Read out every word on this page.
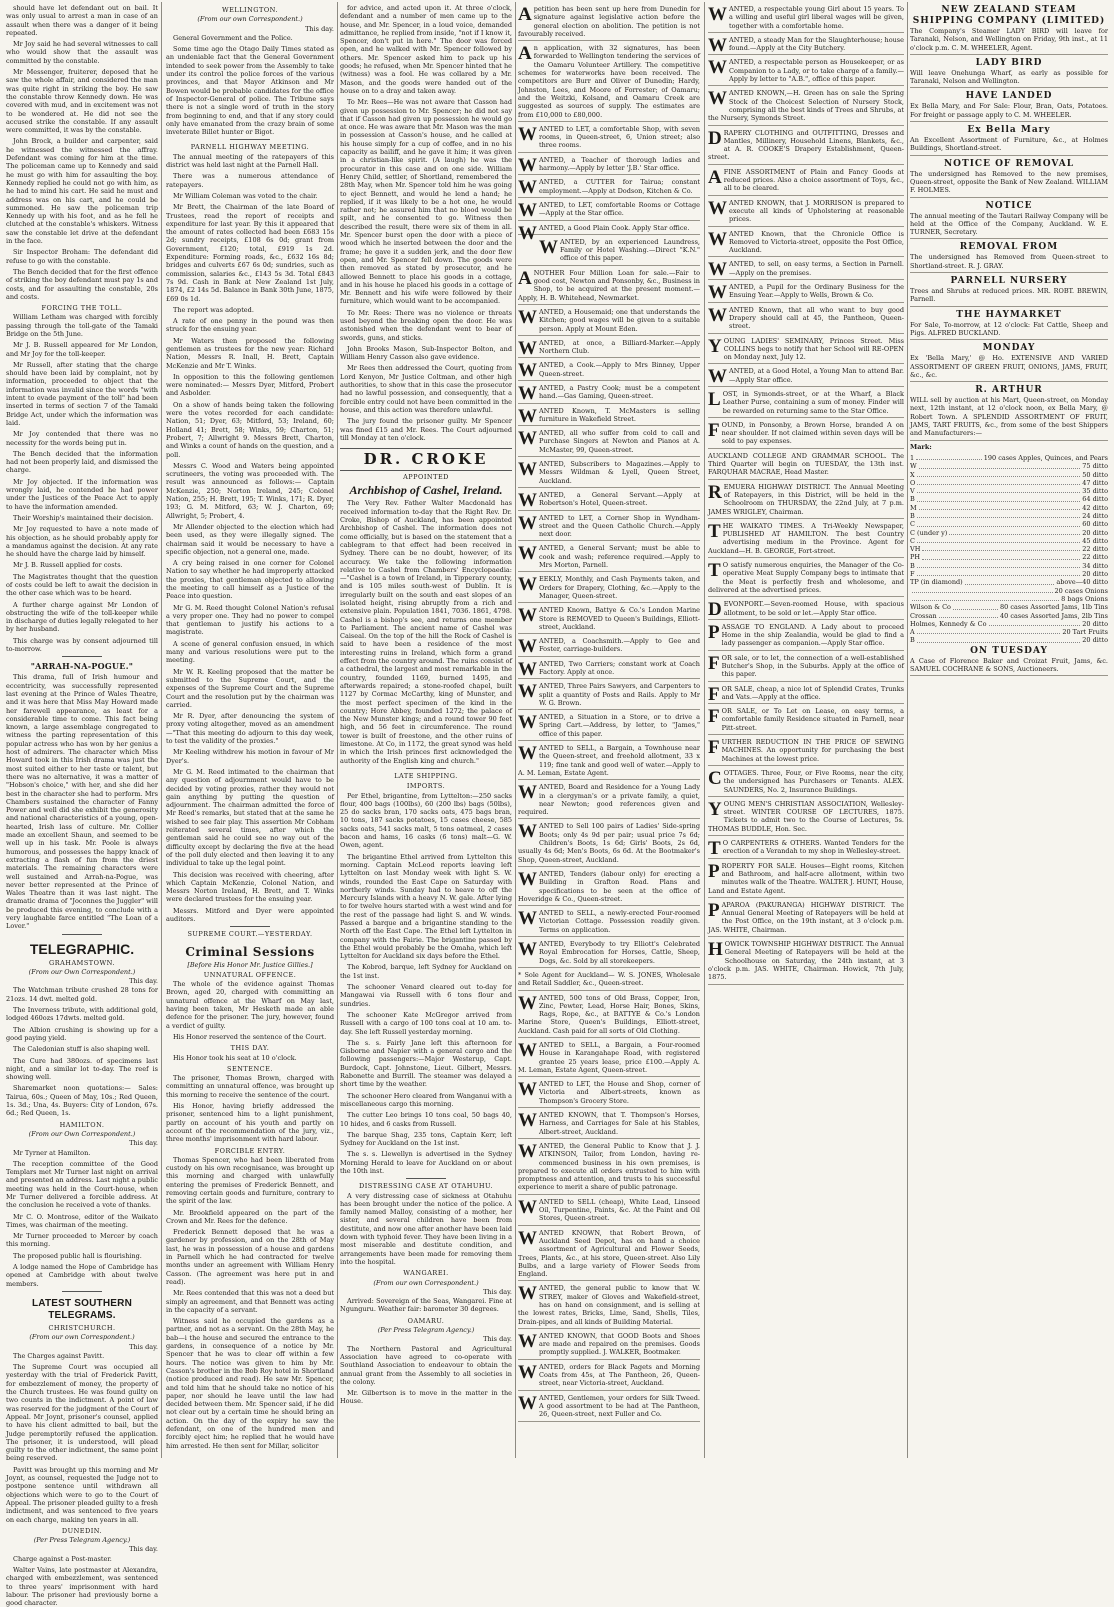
should have let defendant out on bail. It was only usual to arrest a man in case of an assault when there was a danger of it being repeated.

Mr Joy said he had several witnesses to call who would show that the assault was committed by the constable.

Mr Messenger, fruiterer, deposed that he saw the whole affair, and considered the man was quite right in striking the boy. He saw the constable throw Kennedy down. He was covered with mud, and in excitement was not to be wondered at. He did not see the accused strike the constable. If any assault were committed, it was by the constable.

John Brock, a builder and carpenter, said he witnessed the witnessed the affray. Defendant was coming for him at the time. The policeman came up to Kennedy and said he must go with him for assaulting the boy. Kennedy replied he could not go with him, as he had to mind his cart. He said he must and address was on his cart, and he could be summoned. He saw the policeman trip Kennedy up with his foot, and as he fell he clutched at the constable's whiskers. Witness saw the constable let drive at the defendant in the face.

Sir Inspector Broham: The defendant did refuse to go with the constable.

The Bench decided that for the first offence of striking the boy defendant must pay 1s and costs, and for assaulting the constable, 20s and costs.

FORCING THE TOLL.

William Letham was charged with forcibly passing through the toll-gate of the Tamaki Bridge on the 5th June.

Mr J. B. Russell appeared for Mr London, and Mr Joy for the toll-keeper.

Mr Russell, after stating that the charge should have been laid by complaint, not by information, proceeded to object that the information was invalid since the words "with intent to evade payment of the toll" had been inserted in terms of section 7 of the Tamaki Bridge Act, under which the information was laid.

Mr Joy contended that there was no necessity for the words being put in.

The Bench decided that the information had not been properly laid, and dismissed the charge.

Mr Joy objected. If the information was wrongly laid, he contended he had power under the Justices of the Peace Act to apply to have the information amended.

Their Worship's maintained their decision.

Mr Joy requested to have a note made of his objection, as he should probably apply for a mandamus against the decision. At any rate he should have the charge laid by himself.

Mr J. B. Russell applied for costs.

The Magistrates thought that the question of costs could be left to await the decision in the other case which was to be heard.

A further charge against Mr London of obstructing the wife of the toll-keeper while in discharge of duties legally relegated to her by her husband.

This charge was by consent adjourned till to-morrow.

"ARRAH-NA-POGUE."

This drama, full of Irish humour and eccentricity, was successfully represented last evening at the Prince of Wales Theatre, and it was here that Miss May Howard made her farewell appearance, as least for a considerable time to come. This fact being known, a large assemblage congregated to witness the parting representation of this popular actress who has won by her genius a host of admirers. The character which Miss Howard took in this Irish drama was just the most suited either to her taste or talent, but there was no alternative, it was a matter of "Hobson's choice," with her, and she did her best in the character she had to perform. Mrs Chambers sustained the character of Fanny Power and well did she exhibit the generosity and national characteristics of a young, open-hearted, Irish lass of culture. Mr. Collier made an excellent Shaun, and seemed to be well up in his task. Mr. Poole is always humorous, and possesses the happy knack of extracting a flash of fun from the driest materials. The remaining characters were well sustained and Arrah-na-Pogue, was never better represented at the Prince of Wales Theatre than it was last night. The dramatic drama of "Joconnes the Juggler" will be produced this evening, to conclude with a very laughable farce entitled "The Loan of a Lover."

TELEGRAPHIC.
GRAHAMSTOWN.
(From our Own Correspondent.)
This day.

The Watchman tribute crushed 28 tons for 21ozs. 14 dwt. melted gold.

The Inverness tribute, with additional gold, lodged 460ozs 17dwts. melted gold.

The Albion crushing is showing up for a good paying yield.

The Caledonian stuff is also shaping well.

The Cure had 380ozs. of specimens last night, and a similar lot to-day. The reef is showing well.

Sharemarket noon quotations:— Sales: Tairua, 60s.; Queen of May, 10s.; Red Queen, 1s. 3d.; Una, 4s. Buyers: City of London, 67s. 6d.; Red Queen, 1s.

HAMILTON.
(From our Own Correspondent.)
This day.

Mr Tyrner at Hamilton.

The reception committee of the Good Templars met Mr Turner last night on arrival and presented an address. Last night a public meeting was held in the Court-house, when Mr Turner delivered a forcible address. At the conclusion he received a vote of thanks.

Mr C. O. Montrose, editor of the Waikato Times, was chairman of the meeting.

Mr Turner proceeded to Mercer by coach this morning.

The proposed public hall is flourishing.

A lodge named the Hope of Cambridge has opened at Cambridge with about twelve members.

LATEST SOUTHERN TELEGRAMS.
CHRISTCHURCH.
(From our own Correspondent.)
This day.

The Charges against Pavitt.

The Supreme Court was occupied all yesterday with the trial of Frederick Pavitt, for embezzlement of money, the property of the Church trustees. He was found guilty on two counts in the indictment. A point of law was reserved for the judgment of the Court of Appeal. Mr Joynt, prisoner's counsel, applied to have his client admitted to bail, but the Judge peremptorily refused the application. The prisoner, it is understood, will plead guilty to the other indictment, the same point being reserved.

Pavitt was brought up this morning and Mr Joynt, as counsel, requested the Judge not to postpone sentence until withdrawn all objections which were to go to the Court of Appeal. The prisoner pleaded guilty to a fresh indictment, and was sentenced to five years on each charge, making ten years in all.

DUNEDIN.
(Per Press Telegram Agency.)
This day.

Charge against a Post-master.

Walter Vains, late postmaster at Alexandra, charged with embezzlement, was sentenced to three years' imprisonment with hard labour. The prisoner had previously borne a good character.

WELLINGTON.
(From our own Correspondent.)
This day.

General Government and the Police.

Some time ago the Otago Daily Times stated as an undeniable fact that the General Government intended to seek power from the Assembly to take under its control the police forces of the various provinces, and that Mayor Atkinson and Mr Bowen would be probable candidates for the office of Inspector-General of police. The Tribune says there is not a single word of truth in the story from beginning to end, and that if any story could only have emanated from the crazy brain of some inveterate Billet hunter or Bigot.

PARNELL HIGHWAY MEETING.

The annual meeting of the ratepayers of this district was held last night at the Parnell Hall.

There was a numerous attendance of ratepayers.

Mr William Coleman was voted to the chair.

Mr Brett, the Chairman of the late Board of Trustees, read the report of receipts and expenditure for last year. By this it appeared that the amount of rates collected had been £683 15s 2d; sundry receipts, £108 6s 0d; grant from Government, £120; total, £919 1s 2d. Expenditure: Forming roads, &c., £632 16s 8d; bridges and culverts £67 6s 0d; sundries, such as commission, salaries &c., £143 5s 3d. Total £843 7s 9d. Cash in Bank at New Zealand 1st July, 1874, £2 14s 5d. Balance in Bank 30th June, 1875, £69 0s 1d.

The report was adopted.

A rate of one penny in the pound was then struck for the ensuing year.

Mr Waters then proposed the following gentlemen as trustees for the new year: Richard Nation, Messrs R. Inall, H. Brett, Captain McKenzie and Mr T. Winks.

In opposition to this the following gentlemen were nominated:— Messrs Dyer, Mitford, Probert and Asbolder.

On a show of hands being taken the following were the votes recorded for each candidate: Nation, 51; Dyer, 63; Mitford, 53; Ireland, 60; Holland 41; Brett, 58; Winks, 59; Charton, 51; Probert, 7; Allwright 9. Messrs Brett, Charton, and Winks a count of hands on the question, and a poll.

Messrs C. Wood and Waters being appointed scrutineers, the voting was proceeded with. The result was announced as follows:— Captain McKenzie, 250; Norton Ireland, 245; Colonel Nation, 255; H. Brett, 195; T. Winks, 171; R. Dyer, 193; G. M. Mitford, 63; W. J. Charton, 69; Allwright, 5; Probert, 4.

Mr Allender objected to the election which had been used, as they were illegally signed. The chairman said it would be necessary to have a specific objection, not a general one, made.

A cry being raised in one corner for Colonel Nation to say whether he had improperly attacked the proxies, that gentleman objected to allowing the meeting to call himself as a Justice of the Peace into question.

Mr G. M. Reed thought Colonel Nation's refusal a very proper one. They had no power to compel that gentleman to justify his actions to a magistrate.

A scene of general confusion ensued, in which many and various resolutions were put to the meeting.

Mr W. R. Keeling proposed that the matter be submitted to the Supreme Court, and the expenses of the Supreme Court and the Supreme Court and the resolution put by the chairman was carried.

Mr R. Dyer, after denouncing the system of proxy voting altogether, moved as an amendment—"That this meeting do adjourn to this day week, to test the validity of the proxies."

Mr Keeling withdrew his motion in favour of Mr Dyer's.

Mr G. M. Reed intimated to the chairman that any question of adjournment would have to be decided by voting proxies, rather they would not gain anything by putting the question of adjournment. The chairman admitted the force of Mr Reed's remarks, but stated that at the same he wished to see fair play. This assertion Mr Cobham reiterated several times, after which the gentleman said he could see no way out of the difficulty except by declaring the five at the head of the poll duly elected and then leaving it to any individual to take up the legal point.

This decision was received with cheering, after which Captain McKenzie, Colonel Nation, and Messrs Norton Ireland, H. Brett, and T. Winks were declared trustees for the ensuing year.

Messrs. Mitford and Dyer were appointed auditors.

SUPREME COURT.—YESTERDAY.
Criminal Sessions
[Before His Honor Mr. Justice Gillies.]
UNNATURAL OFFENCE.

The whole of the evidence against Thomas Brown, aged 20, charged with committing an unnatural offence at the Wharf on May last, having been taken, Mr Hesketh made an able defence for the prisoner. The jury, however, found a verdict of guilty.

His Honor reserved the sentence of the Court.

THIS DAY.

His Honor took his seat at 10 o'clock.

SENTENCE.

The prisoner, Thomas Brown, charged with committing an unnatural offence, was brought up this morning to receive the sentence of the court.

His Honor, having briefly addressed the prisoner, sentenced him to a light punishment, partly on account of his youth and partly on account of the recommendation of the jury, viz., three months' imprisonment with hard labour.

FORCIBLE ENTRY.

Thomas Spencer, who had been liberated from custody on his own recognisance, was brought up this morning and charged with unlawfully entering the premises of Frederick Bennett, and removing certain goods and furniture, contrary to the spirit of the law.

Mr. Brookfield appeared on the part of the Crown and Mr. Rees for the defence.

Frederick Bennett deposed that he was a gardener by profession, and on the 28th of May last, he was in possession of a house and gardens in Parnell which he had contracted for twelve months under an agreement with William Henry Casson. (The agreement was here put in and read).

Mr. Rees contended that this was not a deed but simply an agreement, and that Bennett was acting in the capacity of a servant.

Witness said he occupied the gardens as a partner, and not as a servant. On the 28th May, he bab—i the house and secured the entrance to the gardens, in consequence of a notice by Mr. Spencer that he was to clear off within a few hours. The notice was given to him by Mr. Casson's brother in the Bob Roy hotel in Shortland (notice produced and read). He saw Mr. Spencer, and told him that he should take no notice of his paper, nor should he leave until the law had decided between them. Mr. Spencer said, if he did not clear out by a certain time he should bring an action. On the day of the expiry he saw the defendant, on one of the hundred men and forcibly eject him; he replied that he would have him arrested. He then sent for Millar, solicitor

for advice, and acted upon it. At three o'clock, defendant and a number of men came up to the house, and Mr. Spencer, in a loud voice, demanded admittance, he replied from inside, "not if I know it, Spencer, don't put in here." The door was forced open, and he walked with Mr. Spencer followed by others. Mr. Spencer asked him to pack up his goods; he refused, when Mr. Spencer hinted that he (witness) was a fool. He was collared by a Mr. Mason, and the goods were handed out of the house on to a dray and taken away.

To Mr. Rees—He was not aware that Casson had given up possession to Mr. Spencer; he did not say that if Casson had given up possession he would go at once. He was aware that Mr. Mason was the man in possession at Casson's house, and he called at his house simply for a cup of coffee, and in no his capacity as bailiff, and he gave it him; it was given in a christian-like spirit. (A laugh) he was the procurator in this case and on one side. William Henry Child, settler, of Shortland, remembered the 28th May, when Mr. Spencer told him he was going to eject Bennett, and would he lend a hand; he replied, if it was likely to be a hot one, he would rather not; he assured him that no blood would be spilt, and he consented to go. Witness then described the result, there were six of them in all. Mr. Spencer burst open the door with a piece of wood which he inserted between the door and the frame; he gave it a sudden jerk, and the door flew open, and Mr. Spencer fell down. The goods were then removed as stated by prosecutor, and he allowed Bennett to place his goods in a cottage, and in his house he placed his goods in a cottage of Mr. Bennett and his wife were followed by their furniture, which would want to be accompanied.

To Mr. Rees: There was no violence or threats used beyond the breaking open the door. He was astonished when the defendant went to bear of swords, guns, and sticks.

John Brooks Mason, Sub-Inspector Bolton, and William Henry Casson also gave evidence.

Mr Rees then addressed the Court, quoting from Lord Kenyon, Mr Justice Coltman, and other high authorities, to show that in this case the prosecutor had no lawful possession, and consequently, that a forcible entry could not have been committed in the house, and this action was therefore unlawful.

The jury found the prisoner guilty. Mr Spencer was fined £15 and Mr. Rees. The Court adjourned till Monday at ten o'clock.

DR. CROKE
APPOINTED
Archbishop of Cashel, Ireland.

The Very Rev. Father Walter Macdonald has received information to-day that the Right Rev. Dr. Croke, Bishop of Auckland, has been appointed Archbishop of Cashel. The information does not come officially, but is based on the statement that a cablegram to that effect had been received in Sydney. There can be no doubt, however, of its accuracy. We take the following information relative to Cashel from Chambers' Encyclopaedia:—"Cashel is a town of Ireland, in Tipperary county, and is 105 miles south-west of Dublin. It is irregularly built on the south and east slopes of an isolated height, rising abruptly from a rich and extensive plain. Population 1841, 7036. 1861, 4798. Cashel is a bishop's see, and returns one member to Parliament. The ancient name of Cashel was Caiseal. On the top of the hill the Rock of Cashel is said to have been a residence of the most interesting ruins in Ireland, which form a grand effect from the country around. The ruins consist of a cathedral, the largest and most remarkable in the country, founded 1169, burned 1495, and afterwards repaired; a stone-roofed chapel, built 1127 by Cormac McCarthy, king of Munster, and the most perfect specimen of the kind in the country; Hore Abbey, founded 1272; the palace of the New Munster kings; and a round tower 90 feet high, and 56 feet in circumference. The round tower is built of freestone, and the other ruins of limestone. At Co, in 1172, the great synod was held in which the Irish princes first acknowledged the authority of the English king and church."

LATE SHIPPING.
IMPORTS.

Per Ethel, brigantine, from Lyttelton:—250 sacks flour, 400 bags (100lbs), 60 (200 lbs) bags (50lbs), 25 do sacks bran, 170 sacks oats, 475 bags bran, 10 tons, 187 sacks potatoes, 15 cases cheese, 585 sacks oats, 541 sacks malt, 5 tons oatmeal, 2 cases bacon and hams, 16 casks (6 tons) malt—G. W. Owen, agent.

The brigantine Ethel arrived from Lyttelton this morning. Captain McLeod reports leaving left Lyttelton on last Monday week with light S. W. winds, rounded the East Cape on Saturday with northerly winds. Sunday had to heave to off the Mercury Islands with a heavy N. W. gale. After lying to for twelve hours started with a west wind and for the rest of the passage had light S. and W. winds. Passed a barque and a brigantine standing to the North off the East Cape. The Ethel left Lyttelton in company with the Fairie. The brigantine passed by the Ethel would probably be the Omaha, which left Lyttelton for Auckland six days before the Ethel.

The Kobrod, barque, left Sydney for Auckland on the 1st inst.

The schooner Venard cleared out to-day for Mangawai via Russell with 6 tons flour and sundries.

The schooner Kate McGregor arrived from Russell with a cargo of 100 tons coal at 10 am. to-day. She left Russell yesterday morning.

The s. s. Fairly Jane left this afternoon for Gisborne and Napier with a general cargo and the following passengers:—Major Westerup, Capt. Burdock, Capt. Johnstone, Lieut. Gilbert, Messrs. Rabonette and Burrill. The steamer was delayed a short time by the weather.

The schooner Hero cleared from Wanganui with a miscellaneous cargo this morning.

The cutter Leo brings 10 tons coal, 50 bags 40, 10 hides, and 6 casks from Russell.

The barque Shag, 235 tons, Captain Kerr, left Sydney for Auckland on the 1st inst.

The s. s. Llewellyn is advertised in the Sydney Morning Herald to leave for Auckland on or about the 10th inst.

DISTRESSING CASE AT OTAHUHU.

A very distressing case of sickness at Otahuhu has been brought under the notice of the police. A family named Malloy, consisting of a mother, her sister, and several children have been from destitute, and now one after another have been laid down with typhoid fever. They have been living in a most miserable and destitute condition, and arrangements have been made for removing them into the hospital.

WANGAREI.
(From our own Correspondent.)
This day.

Arrived: Sovereign of the Seas, Wangarei. Fine at Ngunguru. Weather fair: barometer 30 degrees.

OAMARU.
(Per Press Telegram Agency.)
This day.

The Northern Pastoral and Agricultural Association have agreed to co-operate with Southland Association to endeavour to obtain the annual grant from the Assembly to all societies in the colony.

Mr. Gilbertson is to move in the matter in the House.

Apetition has been sent up here from Dunedin for signature against legislative action before the general election on abolition. The petition is not favourably received.

An application, with 32 signatures, has been forwarded to Wellington tendering the services of the Oamaru Volunteer Artillery. The competitive schemes for waterworks have been received. The competitors are Burr and Oliver of Dunedin; Hardy, Johnston, Lees, and Moore of Forrester; of Oamaru; and the Weitzki, Kolsand, and Oamaru Creek are suggested as sources of supply. The estimates are from £10,000 to £80,000.

WANTED to LET, a comfortable Shop, with seven rooms, in Queen-street, 6, Union street; also three rooms.

WANTED, a Teacher of thorough ladies and harmony.—Apply by letter 'J.B.' Star office.

WANTED, a CUTTER for Tairua; constant employment.—Apply at Dodson, Kitchen & Co.

WANTED, to LET, comfortable Rooms or Cottage—Apply at the Star office.

WANTED, a Good Plain Cook. Apply Star office.

WANTED, by an experienced Laundress, Family or Hotel Washing.—Direct "K.N." office of this paper.

ANOTHER Four Million Loan for sale.—Fair to good cost, Newton and Ponsonby, &c., Business in Shop, to be acquired at the present moment.—Apply, H. B. Whitehead, Newmarket.

WANTED, a Housemaid; one that understands the Kitchen; good wages will be given to a suitable person. Apply at Mount Eden.

WANTED, at once, a Billiard-Marker.—Apply Northern Club.

WANTED, a Cook.—Apply to Mrs Binney, Upper Queen-street.

WANTED, a Pastry Cook; must be a competent hand.—Gas Gaming, Queen-street.

WANTED Known, T. McMasters is selling furniture in Wakefield Street.

WANTED, all who suffer from cold to call and Purchase Singers at Newton and Pianos at A. McMaster, 99, Queen-street.

WANTED, Subscribers to Magazines.—Apply to Messrs Wildman & Lyell, Queen Street, Auckland.

WANTED, a General Servant.—Apply at Robertson's Hotel, Queen-street.

WANTED to LET, a Corner Shop in Wyndham-street and the Queen Catholic Church.—Apply next door.

WANTED, a General Servant; must be able to cook and wash; reference required.—Apply to Mrs Morton, Parnell.

WEEKLY, Monthly, and Cash Payments taken, and Orders for Drapery, Clothing, &c.—Apply to the Manager, Queen-street.

WANTED Known, Battye & Co.'s London Marine Store is REMOVED to Queen's Buildings, Elliott-street, Auckland.

WANTED, a Coachsmith.—Apply to Gee and Foster, carriage-builders.

WANTED, Two Carriers; constant work at Coach Factory. Apply at once.

WANTED, Three Pairs Sawyers, and Carpenters to split a quantity of Posts and Rails. Apply to Mr W. G. Brown.

WANTED, a Situation in a Store, or to drive a Spring Cart.—Address, by letter, to "James," office of this paper.

WANTED to SELL, a Bargain, a Townhouse near the Queen-street, and freehold allotment, 33 x 119; fine tank and good well of water.—Apply to A. M. Leman, Estate Agent.

WANTED, Board and Residence for a Young Lady in a clergyman's or a private family, a quiet, near Newton; good references given and required.

WANTED to Sell 100 pairs of Ladies' Side-spring Boots; only 4s 9d per pair; usual price 7s 6d; Children's Boots, 1s 6d; Girls' Boots, 2s 6d, usually 4s 6d; Men's Boots, 6s 6d. At the Bootmaker's Shop, Queen-street, Auckland.

WANTED, Tenders (labour only) for erecting a Building in Grafton Road. Plans and specifications to be seen at the office of Hoveridge & Co., Queen-street.

WANTED to SELL, a newly-erected Four-roomed Victorian Cottage. Possession readily given. Terms on application.

WANTED, Everybody to try Elliott's Celebrated Royal Embrocation for Horses, Cattle, Sheep, Dogs, &c. Sold by all storekeepers.

* Sole Agent for Auckland— W. S. JONES, Wholesale and Retail Saddler, &c., Queen-street.

WANTED, 500 tons of Old Brass, Copper, Iron, Zinc, Pewter, Lead, Horse Hair, Bones, Skins, Rags, Rope, &c., at BATTYE & Co.'s London Marine Store, Queen's Buildings, Elliott-street, Auckland. Cash paid for all sorts of Old Clothing.

WANTED to SELL, a Bargain, a Four-roomed House in Karangahape Road, with registered grantee 25 years lease, price £100.—Apply A. M. Leman, Estate Agent, Queen-street.

WANTED to LET, the House and Shop, corner of Victoria and Albert-streets, known as Thompson's Grocery Store.

WANTED KNOWN, that T. Thompson's Horses, Harness, and Carriages for Sale at his Stables, Albert-street, Auckland.

WANTED, the General Public to Know that J. J. ATKINSON, Tailor, from London, having re-commenced business in his own premises, is prepared to execute all orders entrusted to him with promptness and attention, and trusts to his successful experience to merit a share of public patronage.

WANTED to SELL (cheap), White Lead, Linseed Oil, Turpentine, Paints, &c. At the Paint and Oil Stores, Queen-street.

WANTED KNOWN, that Robert Brown, of Auckland Seed Depot, has on hand a choice assortment of Agricultural and Flower Seeds, Trees, Plants, &c., at his store, Queen-street. Also Lily Bulbs, and a large variety of Flower Seeds from England.

WANTED, the general public to know that W. STREY, maker of Gloves and Wakefield-street, has on hand on consignment, and is selling at the lowest rates, Bricks, Lime, Sand, Shells, Tiles, Drain-pipes, and all kinds of Building Material.

WANTED KNOWN, that GOOD Boots and Shoes are made and repaired on the premises. Goods promptly supplied. J. WALKER, Bootmaker.

WANTED, orders for Black Pagets and Morning Coats from 45s, at The Pantheon, 26, Queen-street, near Victoria-street, Auckland.

WANTED, Gentlemen, your orders for Silk Tweed. A good assortment to be had at The Pantheon, 26, Queen-street, next Fuller and Co.

WANTED, a respectable young Girl about 15 years. To a willing and useful girl liberal wages will be given, together with a comfortable home.

WANTED, a steady Man for the Slaughterhouse; house found.—Apply at the City Butchery.

WANTED, a respectable person as Housekeeper, or as Companion to a Lady, or to take charge of a family.—Apply by letter to "A.B.", office of this paper.

WANTED KNOWN,—H. Green has on sale the Spring Stock of the Choicest Selection of Nursery Stock, comprising all the best kinds of Trees and Shrubs, at the Nursery, Symonds Street.

DRAPERY CLOTHING and OUTFITTING, Dresses and Mantles, Millinery, Household Linens, Blankets, &c., at A. R. COOKE'S Drapery Establishment, Queen-street.

AFINE ASSORTMENT of Plain and Fancy Goods at reduced prices. Also a choice assortment of Toys, &c., all to be cleared.

WANTED KNOWN, that J. MORRISON is prepared to execute all kinds of Upholstering at reasonable prices.

WANTED Known, that the Chronicle Office is Removed to Victoria-street, opposite the Post Office, Auckland.

WANTED, to sell, on easy terms, a Section in Parnell.—Apply on the premises.

WANTED, a Pupil for the Ordinary Business for the Ensuing Year.—Apply to Wells, Brown & Co.

WANTED Known, that all who want to buy good Drapery should call at 45, the Pantheon, Queen-street.

YOUNG LADIES' SEMINARY, Princes Street. Miss COLLINS begs to notify that her School will RE-OPEN on Monday next, July 12.

WANTED, at a Good Hotel, a Young Man to attend Bar.—Apply Star office.

LOST, in Symonds-street, or at the Wharf, a Black Leather Purse, containing a sum of money. Finder will be rewarded on returning same to the Star Office.

FOUND, in Ponsonby, a Brown Horse, branded A on near shoulder. If not claimed within seven days will be sold to pay expenses.

AUCKLAND COLLEGE AND GRAMMAR SCHOOL. The Third Quarter will begin on TUESDAY, the 13th inst. FARQUHAR MACRAE, Head Master.

REMUERA HIGHWAY DISTRICT. The Annual Meeting of Ratepayers, in this District, will be held in the Schoolroom on THURSDAY, the 22nd July, at 7 p.m. JAMES WRIGLEY, Chairman.

THE WAIKATO TIMES. A Tri-Weekly Newspaper, PUBLISHED AT HAMILTON. The best Country advertising medium in the Province. Agent for Auckland—H. B. GEORGE, Fort-street.

T O satisfy numerous enquiries, the Manager of the Co-operative Meat Supply Company begs to intimate that the Meat is perfectly fresh and wholesome, and delivered at the advertised prices.

DEVONPORT.—Seven-roomed House, with spacious allotment, to be sold or let.—Apply Star office.

PASSAGE TO ENGLAND. A Lady about to proceed Home in the ship Zealandia, would be glad to find a lady passenger as companion.—Apply Star office.

FOR sale, or to let, the connection of a well-established Butcher's Shop, in the Suburbs. Apply at the office of this paper.

FOR SALE, cheap, a nice lot of Splendid Crates, Trunks and Vats.—Apply at the office.

FOR SALE, or To Let on Lease, on easy terms, a comfortable family Residence situated in Parnell, near Pitt-street.

FURTHER REDUCTION IN THE PRICE OF SEWING MACHINES. An opportunity for purchasing the best Machines at the lowest price.

COTTAGES. Three, Four, or Five Rooms, near the city, the undersigned has Purchasers or Tenants. ALEX. SAUNDERS, No. 2, Insurance Buildings.

YOUNG MEN'S CHRISTIAN ASSOCIATION, Wellesley-street. WINTER COURSE OF LECTURES, 1875. Tickets to admit two to the Course of Lectures, 5s. THOMAS BUDDLE, Hon. Sec.

T O CARPENTERS & OTHERS. Wanted Tenders for the erection of a Verandah to my shop in Wellesley-street.

PROPERTY FOR SALE. Houses—Eight rooms, Kitchen and Bathroom, and half-acre allotment, within two minutes walk of the Theatre. WALTER J. HUNT, House, Land and Estate Agent.

PAPAROA (PAKURANGA) HIGHWAY DISTRICT. The Annual General Meeting of Ratepayers will be held at the Post Office, on the 19th instant, at 3 o'clock p.m. JAS. WHITE, Chairman.

HOWICK TOWNSHIP HIGHWAY DISTRICT. The Annual General Meeting of Ratepayers will be held at the Schoolhouse on Saturday, the 24th instant, at 3 o'clock p.m. JAS. WHITE, Chairman. Howick, 7th July, 1875.

NEW ZEALAND STEAM SHIPPING COMPANY (LIMITED)

The Company's Steamer LADY BIRD will leave for Taranaki, Nelson, and Wellington on Friday, 9th inst., at 11 o'clock p.m. C. M. WHEELER, Agent.

LADY BIRD

Will leave Onehunga Wharf, as early as possible for Taranaki, Nelson and Wellington.

HAVE LANDED

Ex Bella Mary, and For Sale: Flour, Bran, Oats, Potatoes. For freight or passage apply to C. M. WHEELER.

Ex Bella Mary

An Excellent Assortment of Furniture, &c., at Holmes Buildings, Shortland-street.

NOTICE OF REMOVAL

The undersigned has Removed to the new premises, Queen-street, opposite the Bank of New Zealand. WILLIAM F. HOLMES.

NOTICE

The annual meeting of the Tautari Railway Company will be held at the Office of the Company, Auckland. W. E. TURNER, Secretary.

REMOVAL FROM

The undersigned has Removed from Queen-street to Shortland-street. R. J. GRAY.

PARNELL NURSERY

Trees and Shrubs at reduced prices. MR. ROBT. BREWIN, Parnell.

THE HAYMARKET

For Sale, To-morrow, at 12 o'clock: Fat Cattle, Sheep and Pigs. ALFRED BUCKLAND.

MONDAY

Ex 'Bella Mary,' @ Ho. EXTENSIVE AND VARIED ASSORTMENT OF GREEN FRUIT, ONIONS, JAMS, FRUIT, &c., &c.

R. ARTHUR

WILL sell by auction at his Mart, Queen-street, on Monday next, 12th instant, at 12 o'clock noon, ex Bella Mary, @ Robert Town. A SPLENDID ASSORTMENT OF FRUIT, JAMS, TART FRUITS, &c., from some of the best Shippers and Manufacturers:—

Mark:

1	190 cases Apples, Quinces, and Pears
W	75 ditto
X	50 ditto
O	47 ditto
V	35 ditto
B	64 ditto
M	42 ditto
B	24 ditto
C	60 ditto
C (under y)	20 ditto
C	45 ditto
VH	22 ditto
PH	22 ditto
B	34 ditto
F	20 ditto
TP (in diamond)	above—40 ditto
20 cases Onions
8 bags Onions
Wilson & Co	80 cases Assorted Jams, 1lb Tins
Crossan	40 cases Assorted Jams, 2lb Tins
Holmes, Kennedy & Co	20 ditto
A	20 Tart Fruits
B	20 ditto

ON TUESDAY

A Case of Florence Baker and Croizat Fruit, Jams, &c. SAMUEL COCHRANE & SONS, Auctioneers.
